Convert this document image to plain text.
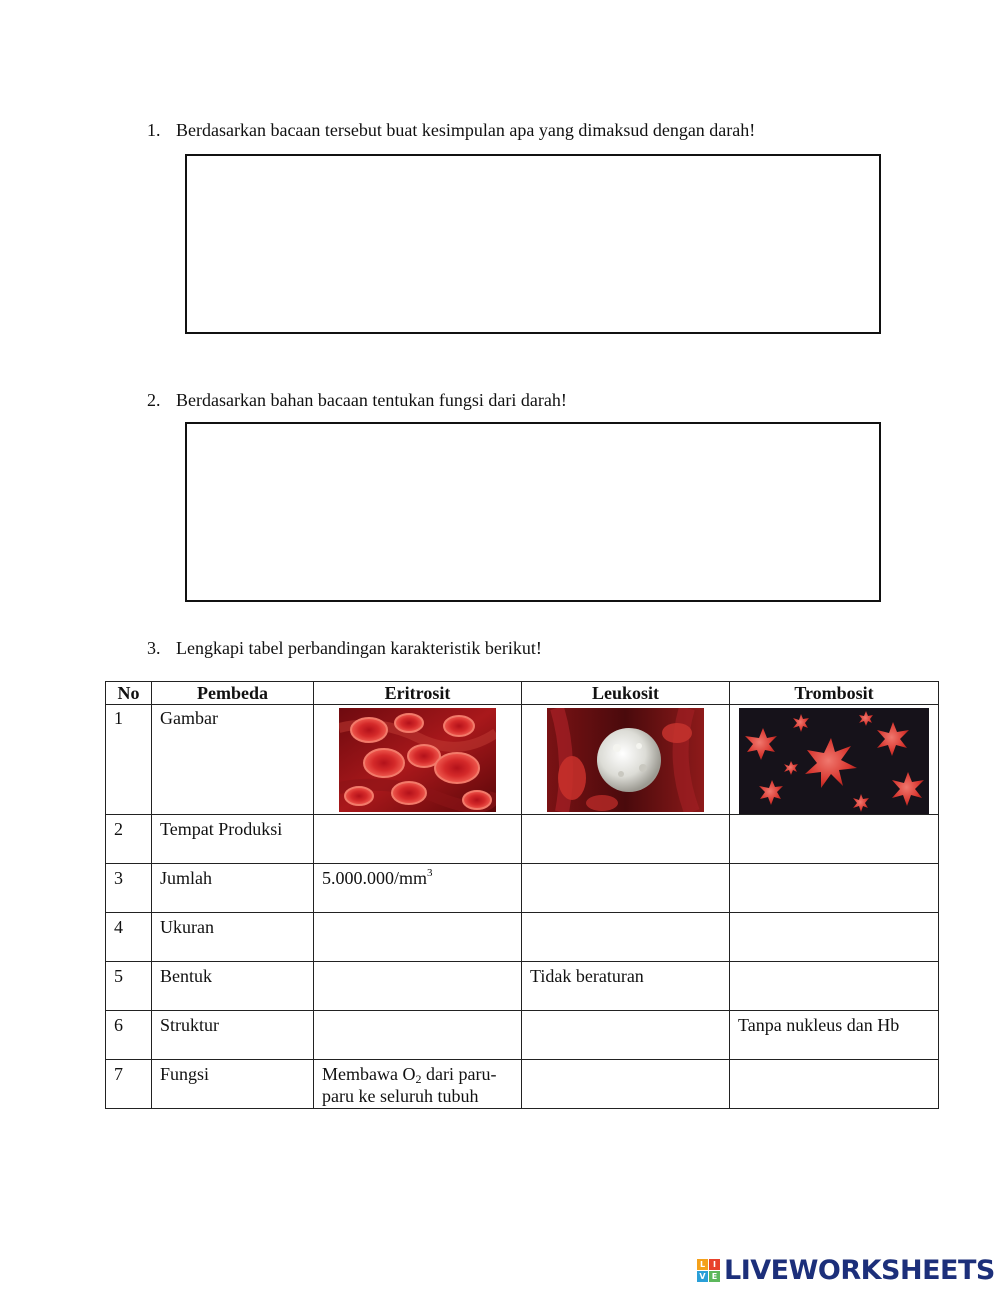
1. Berdasarkan bacaan tersebut buat kesimpulan apa yang dimaksud dengan darah!
2. Berdasarkan bahan bacaan tentukan fungsi dari darah!
3. Lengkapi tabel perbandingan karakteristik berikut!
No	Pembeda	Eritrosit	Leukosit	Trombosit
1	Gambar	

2	Tempat Produksi			
3	Jumlah	$5.000.000/mm^3$		
4	Ukuran			
5	Bentuk		Tidak beraturan	
6	Struktur			Tanpa nukleus dan Hb
7	Fungsi	Membawa $O_2$ dari paru-paru ke seluruh tubuh		
L I
V E LIVEWORKSHEETS
